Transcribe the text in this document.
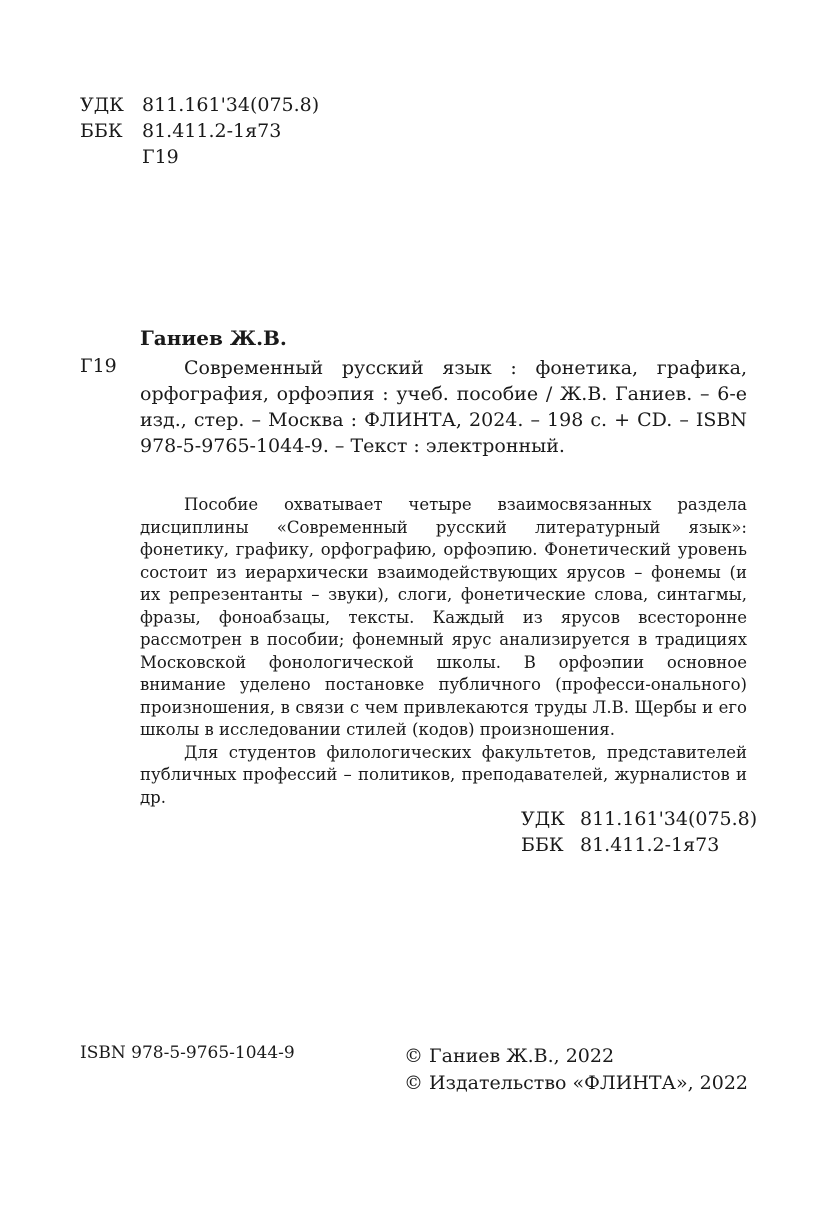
УДК 811.161'34(075.8)
ББК 81.411.2-1я73
Г19
Ганиев Ж.В.
Г19	Современный русский язык : фонетика, графика,
орфография, орфоэпия : учеб. пособие / Ж.В. Ганиев. – 6-е
изд., стер. – Москва : ФЛИНТА, 2024. – 198 с. + CD. – ISBN
978-5-9765-1044-9. – Текст : электронный.

Пособие охватывает четыре взаимосвязанных раздела дисциплины «Современный русский литературный язык»: фонетику, графику, орфографию, орфоэпию. Фонетический уровень состоит из иерархически взаимодействующих ярусов – фонемы (и их репрезентанты – звуки), слоги, фонетические слова, синтагмы, фразы, фоноабзацы, тексты. Каждый из ярусов всесторонне рассмотрен в пособии; фонемный ярус анализируется в традициях Московской фонологической школы. В орфоэпии основное внимание уделено постановке публичного (професси-онального) произношения, в связи с чем привлекаются труды Л.В. Щербы и его школы в исследовании стилей (кодов) произношения.

Для студентов филологических факультетов, представителей публичных профессий – политиков, преподавателей, журналистов и др.

УДК 811.161'34(075.8)
ББК 81.411.2-1я73
ISBN 978-5-9765-1044-9	© Ганиев Ж.В., 2022
© Издательство «ФЛИНТА», 2022
